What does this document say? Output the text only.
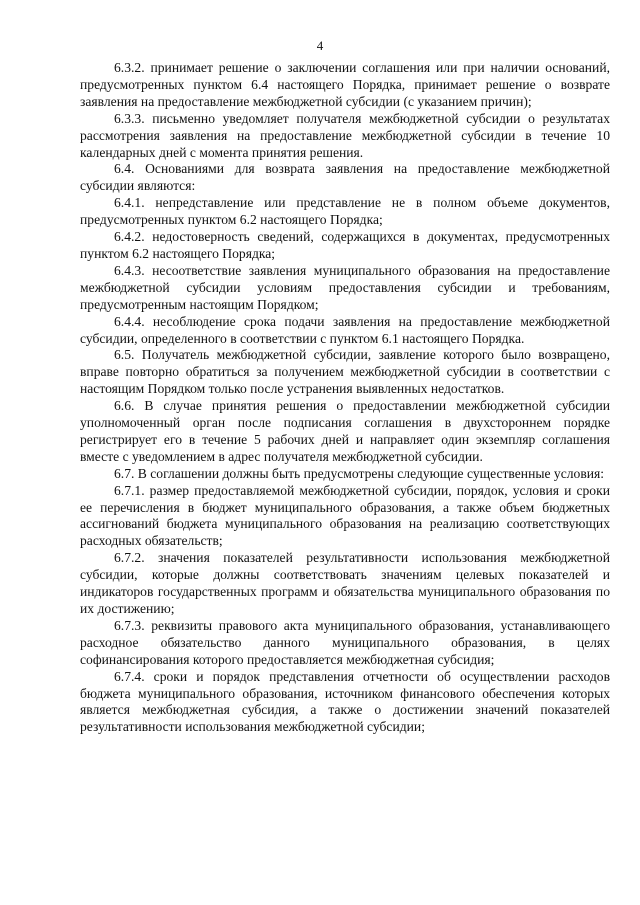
4

6.3.2. принимает решение о заключении соглашения или при наличии оснований, предусмотренных пунктом 6.4 настоящего Порядка, принимает решение о возврате заявления на предоставление межбюджетной субсидии (с указанием причин);

6.3.3. письменно уведомляет получателя межбюджетной субсидии о результатах рассмотрения заявления на предоставление межбюджетной субсидии в течение 10 календарных дней с момента принятия решения.

6.4. Основаниями для возврата заявления на предоставление межбюджетной субсидии являются:

6.4.1. непредставление или представление не в полном объеме документов, предусмотренных пунктом 6.2 настоящего Порядка;

6.4.2. недостоверность сведений, содержащихся в документах, предусмотренных пунктом 6.2 настоящего Порядка;

6.4.3. несоответствие заявления муниципального образования на предоставление межбюджетной субсидии условиям предоставления субсидии и требованиям, предусмотренным настоящим Порядком;

6.4.4. несоблюдение срока подачи заявления на предоставление межбюджетной субсидии, определенного в соответствии с пунктом 6.1 настоящего Порядка.

6.5. Получатель межбюджетной субсидии, заявление которого было возвращено, вправе повторно обратиться за получением межбюджетной субсидии в соответствии с настоящим Порядком только после устранения выявленных недостатков.

6.6. В случае принятия решения о предоставлении межбюджетной субсидии уполномоченный орган после подписания соглашения в двухстороннем порядке регистрирует его в течение 5 рабочих дней и направляет один экземпляр соглашения вместе с уведомлением в адрес получателя межбюджетной субсидии.

6.7. В соглашении должны быть предусмотрены следующие существенные условия:

6.7.1. размер предоставляемой межбюджетной субсидии, порядок, условия и сроки ее перечисления в бюджет муниципального образования, а также объем бюджетных ассигнований бюджета муниципального образования на реализацию соответствующих расходных обязательств;

6.7.2. значения показателей результативности использования межбюджетной субсидии, которые должны соответствовать значениям целевых показателей и индикаторов государственных программ и обязательства муниципального образования по их достижению;

6.7.3. реквизиты правового акта муниципального образования, устанавливающего расходное обязательство данного муниципального образования, в целях софинансирования которого предоставляется межбюджетная субсидия;

6.7.4. сроки и порядок представления отчетности об осуществлении расходов бюджета муниципального образования, источником финансового обеспечения которых является межбюджетная субсидия, а также о достижении значений показателей результативности использования межбюджетной субсидии;
